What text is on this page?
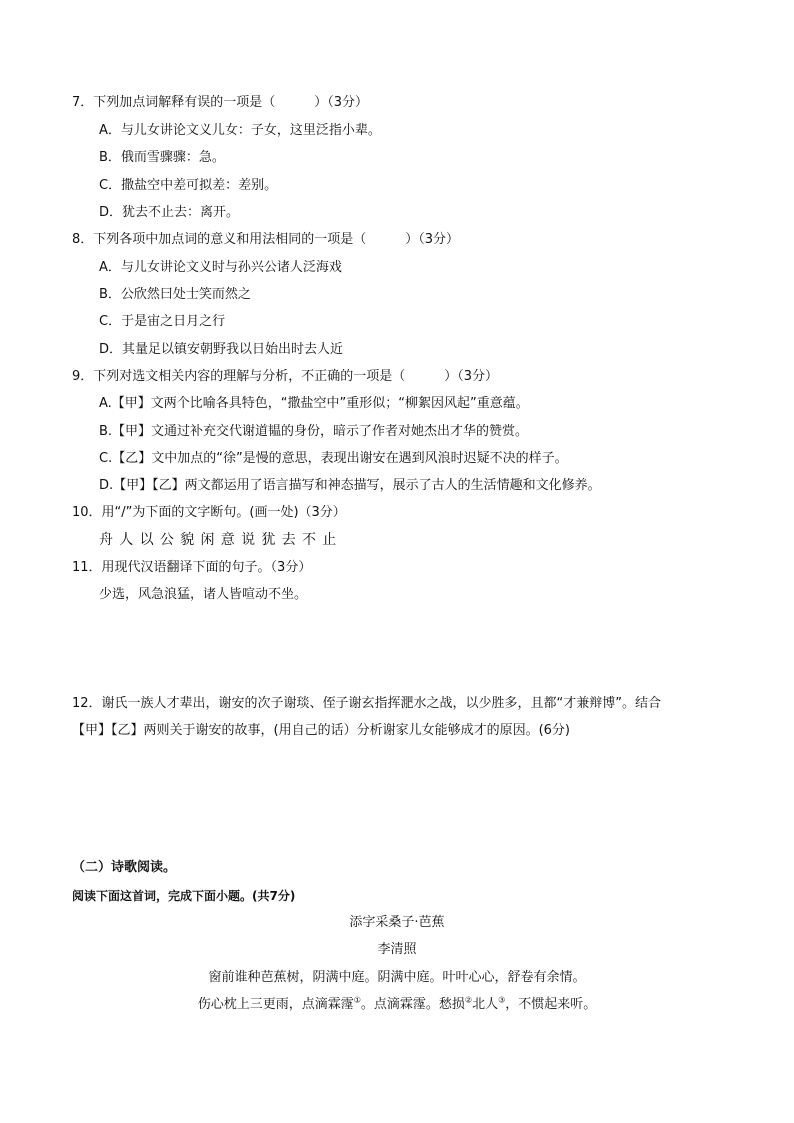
7．下列加点词解释有误的一项是（　　　）（3分）
A．与儿女讲论文义儿女：子女，这里泛指小辈。
B．俄而雪骤骤：急。
C．撒盐空中差可拟差：差别。
D．犹去不止去：离开。
8．下列各项中加点词的意义和用法相同的一项是（　　　）（3分）
A．与儿女讲论文义时与孙兴公诸人泛海戏
B．公欣然曰处士笑而然之
C．于是宙之日月之行
D．其量足以镇安朝野我以日始出时去人近
9．下列对选文相关内容的理解与分析，不正确的一项是（　　　）（3分）
A.【甲】文两个比喻各具特色，“撒盐空中”重形似；“柳絮因风起”重意蕴。
B.【甲】文通过补充交代谢道韫的身份，暗示了作者对她杰出才华的赞赏。
C.【乙】文中加点的“徐”是慢的意思，表现出谢安在遇到风浪时迟疑不决的样子。
D.【甲】【乙】两文都运用了语言描写和神态描写，展示了古人的生活情趣和文化修养。
10．用“/”为下面的文字断句。(画一处)（3分）
舟人以公貌闲意说犹去不止
11．用现代汉语翻译下面的句子。（3分）
少选，风急浪猛，诸人皆喧动不坐。
12．谢氏一族人才辈出，谢安的次子谢琰、侄子谢玄指挥淝水之战，以少胜多，且都“才兼辩博”。结合
【甲】【乙】两则关于谢安的故事，(用自己的话）分析谢家儿女能够成才的原因。(6分)
（二）诗歌阅读。
阅读下面这首词，完成下面小题。(共7分)
添字采桑子·芭蕉
李清照
窗前谁种芭蕉树，阴满中庭。阴满中庭。叶叶心心，舒卷有余情。
伤心枕上三更雨，点滴霖霪①。点滴霖霪。愁损②北人③，不惯起来听。
